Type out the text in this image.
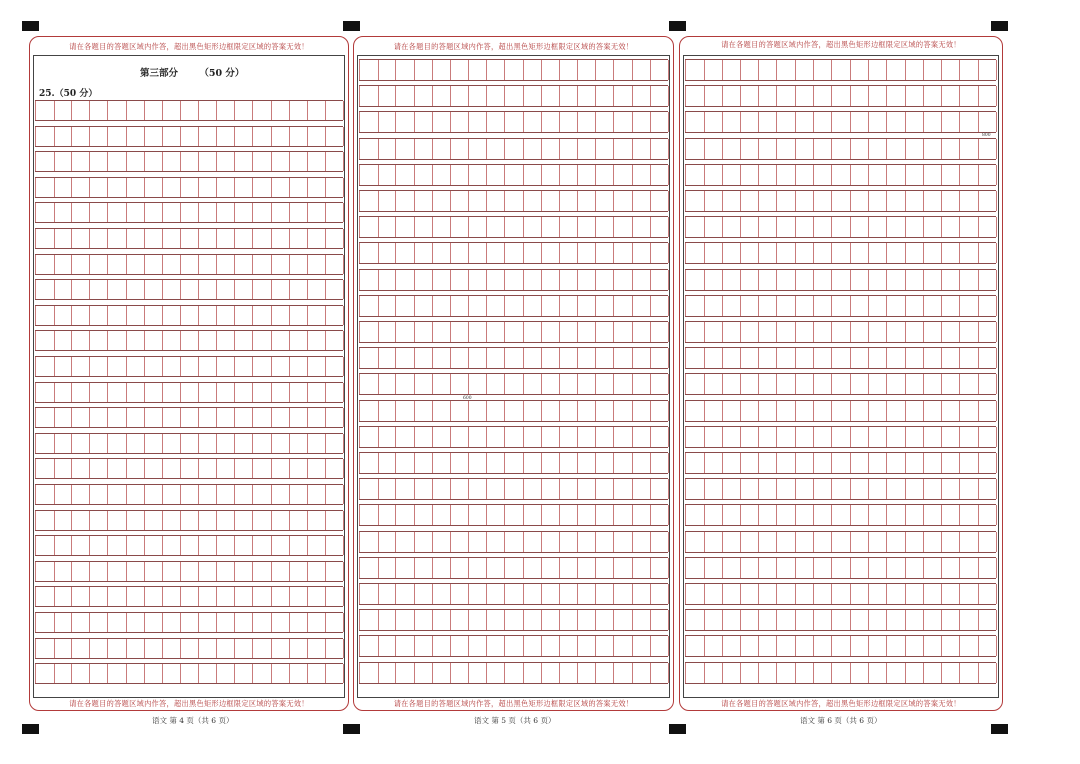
请在各题目的答题区域内作答，超出黑色矩形边框限定区域的答案无效！
第三部分 （50 分）
25.（50 分）
请在各题目的答题区域内作答，超出黑色矩形边框限定区域的答案无效！
语文 第 4 页（共 6 页）
请在各题目的答题区域内作答，超出黑色矩形边框限定区域的答案无效！
600
请在各题目的答题区域内作答，超出黑色矩形边框限定区域的答案无效！
语文 第 5 页（共 6 页）
请在各题目的答题区域内作答，超出黑色矩形边框限定区域的答案无效！
800
请在各题目的答题区域内作答，超出黑色矩形边框限定区域的答案无效！
语文 第 6 页（共 6 页）
